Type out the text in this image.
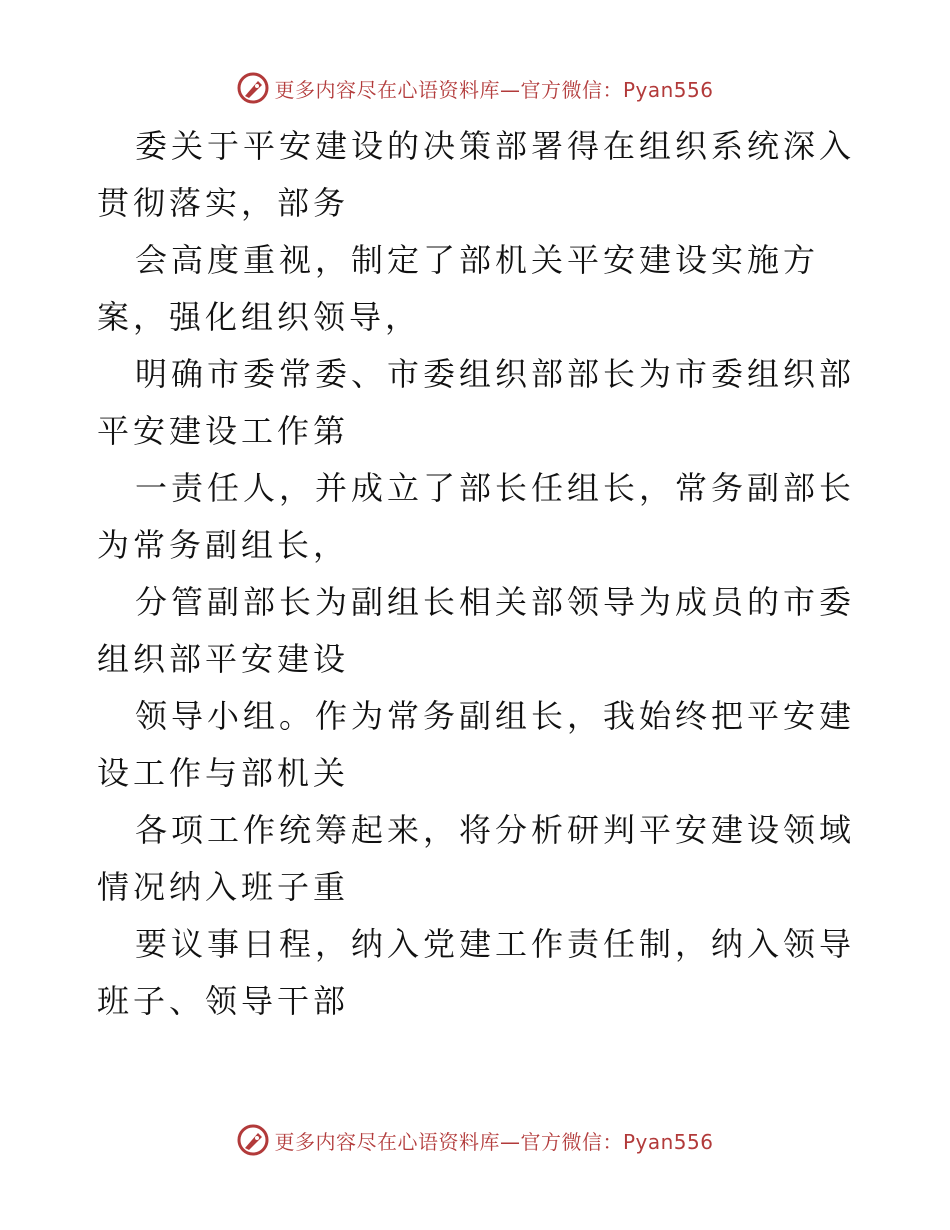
更多内容尽在心语资料库—官方微信：Pyan556

委关于平安建设的决策部署得在组织系统深入贯彻落实，部务

会高度重视，制定了部机关平安建设实施方案，强化组织领导，

明确市委常委、市委组织部部长为市委组织部平安建设工作第

一责任人，并成立了部长任组长，常务副部长为常务副组长，

分管副部长为副组长相关部领导为成员的市委组织部平安建设

领导小组。作为常务副组长，我始终把平安建设工作与部机关

各项工作统筹起来，将分析研判平安建设领域情况纳入班子重

要议事日程，纳入党建工作责任制，纳入领导班子、领导干部

更多内容尽在心语资料库—官方微信：Pyan556
